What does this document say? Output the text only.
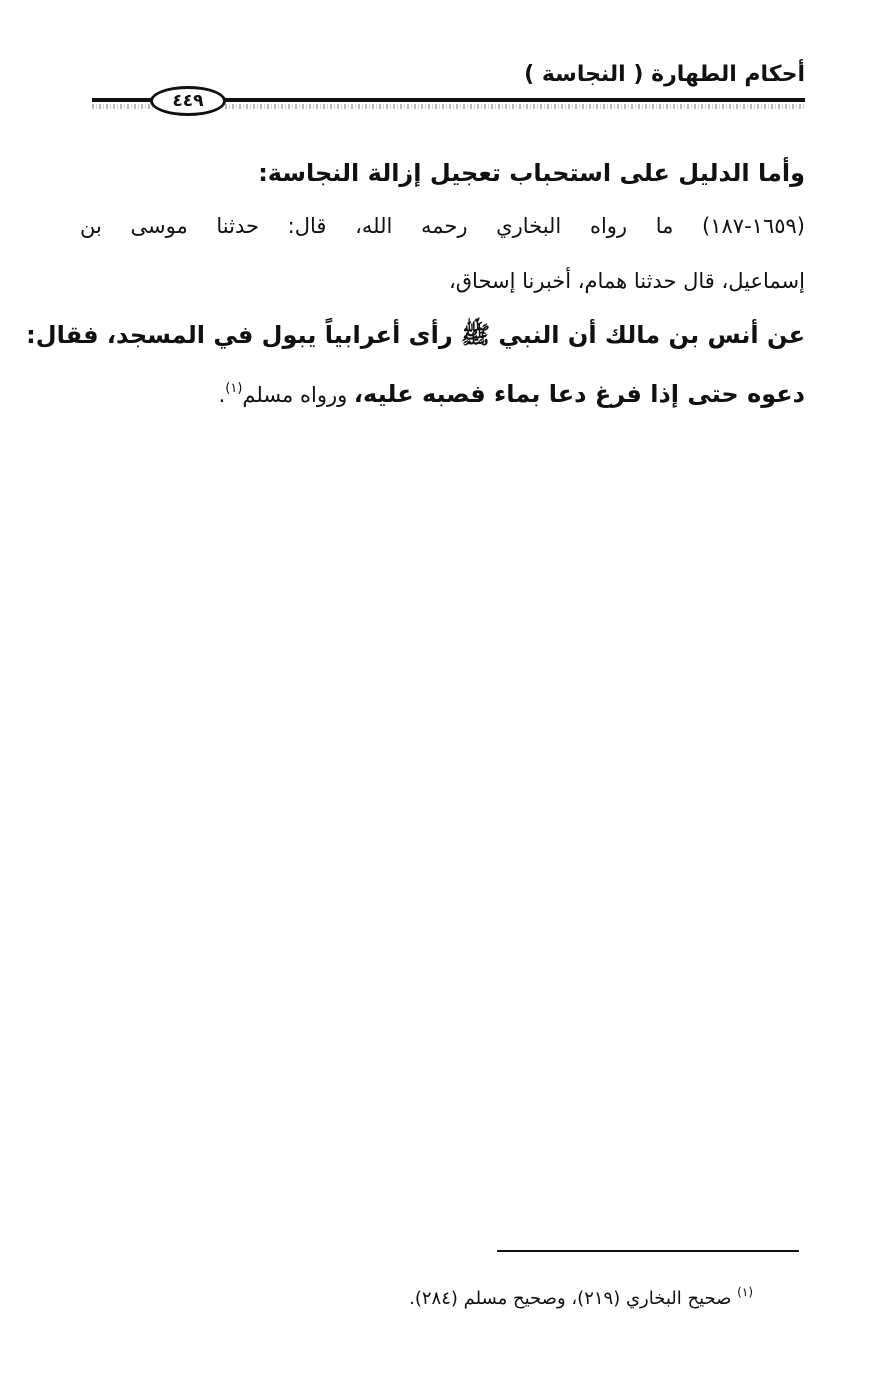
أحكام الطهارة ( النجاسة )
٤٤٩
وأما الدليل على استحباب تعجيل إزالة النجاسة:
(١٦٥٩-١٨٧) ما رواه البخاري رحمه الله، قال: حدثنا موسى بن
إسماعيل، قال حدثنا همام، أخبرنا إسحاق،
عن أنس بن مالك أن النبي ﷺ رأى أعرابياً يبول في المسجد، فقال:
دعوه حتى إذا فرغ دعا بماء فصبه عليه، ورواه مسلم$^{(١)}$.
$^{(١)}$ صحيح البخاري (٢١٩)، وصحيح مسلم (٢٨٤).
